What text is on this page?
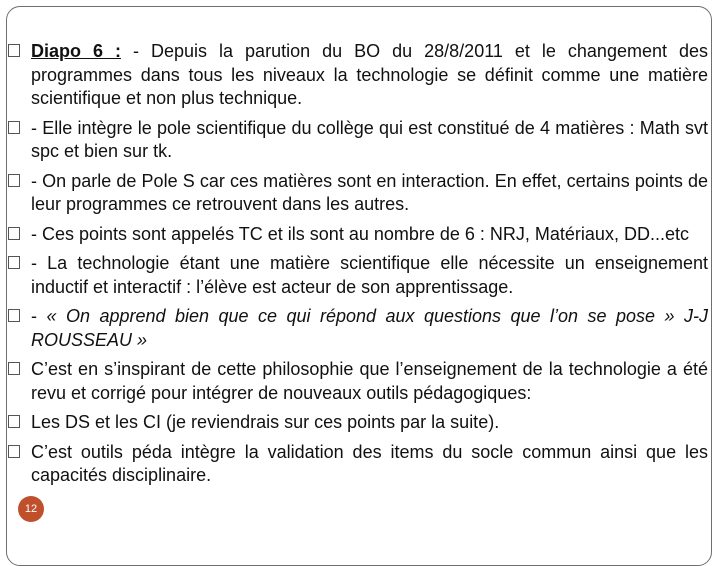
Diapo 6 : - Depuis la parution du BO du 28/8/2011 et le changement des programmes dans tous les niveaux la technologie se définit comme une matière scientifique et non plus technique.
- Elle intègre le pole scientifique du collège qui est constitué de 4 matières : Math svt spc et bien sur tk.
- On parle de Pole S car ces matières sont en interaction. En effet, certains points de leur programmes ce retrouvent dans les autres.
- Ces points sont appelés TC et ils sont au nombre de 6 : NRJ, Matériaux, DD...etc
- La technologie étant une matière scientifique elle nécessite un enseignement inductif et interactif : l’élève est acteur de son apprentissage.
- « On apprend bien que ce qui répond aux questions que l’on se pose » J-J ROUSSEAU »
C’est en s’inspirant de cette philosophie que l’enseignement de la technologie a été revu et corrigé pour intégrer de nouveaux outils pédagogiques:
Les DS et les CI (je reviendrais sur ces points par la suite).
C’est outils péda intègre la validation des items du socle commun ainsi que les capacités disciplinaire.
12
